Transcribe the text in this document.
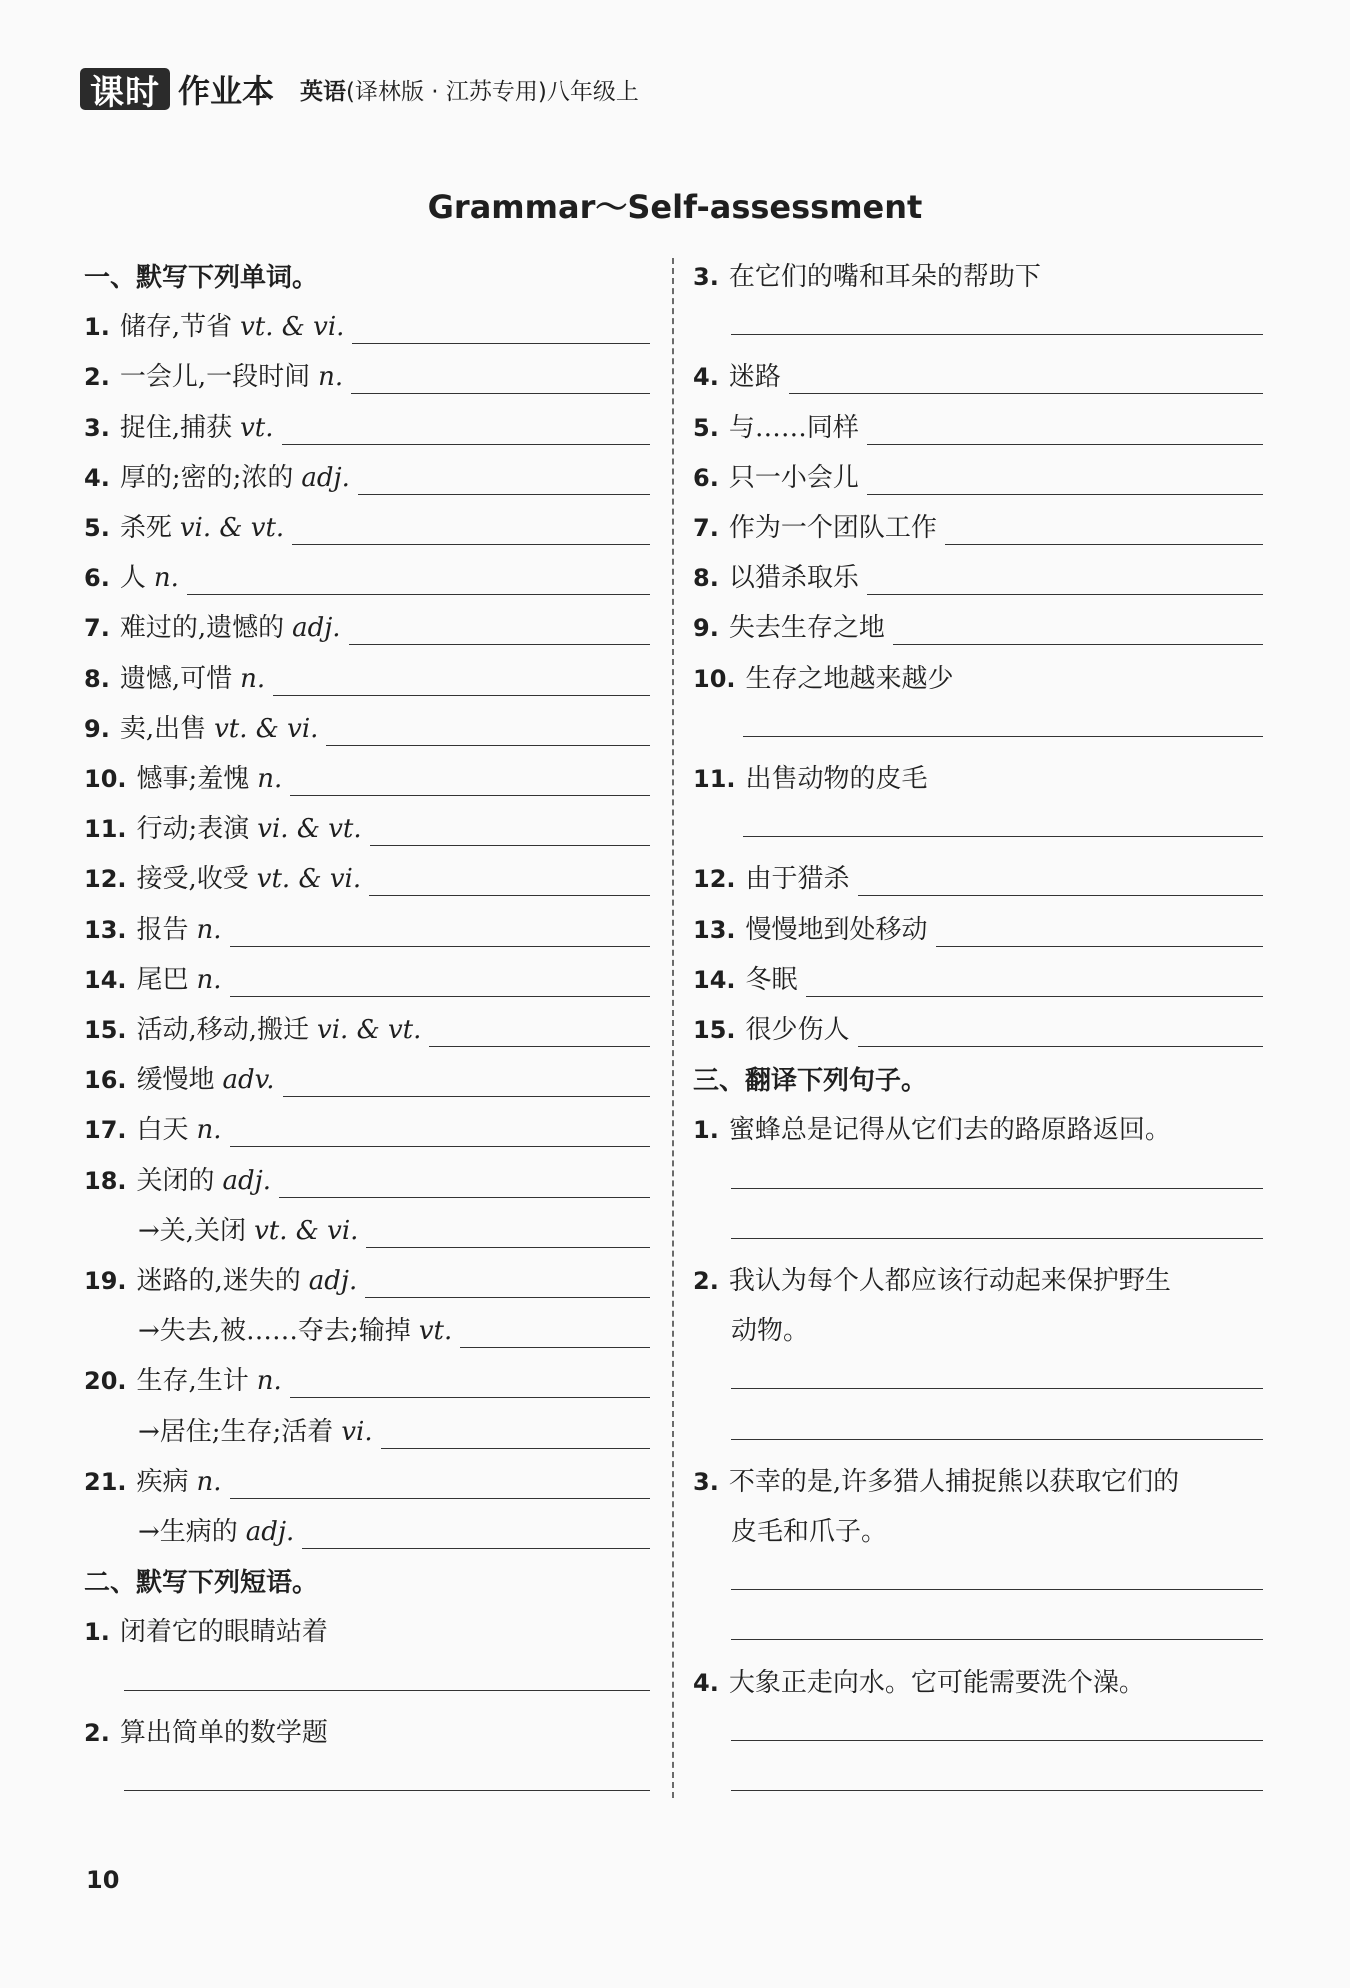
课时 作业本 英语(译林版 · 江苏专用)八年级上
Grammar～Self-assessment
10
一、默写下列单词。
1. 储存,节省 vt. & vi.
2. 一会儿,一段时间 n.
3. 捉住,捕获 vt.
4. 厚的;密的;浓的 adj.
5. 杀死 vi. & vt.
6. 人 n.
7. 难过的,遗憾的 adj.
8. 遗憾,可惜 n.
9. 卖,出售 vt. & vi.
10. 憾事;羞愧 n.
11. 行动;表演 vi. & vt.
12. 接受,收受 vt. & vi.
13. 报告 n.
14. 尾巴 n.
15. 活动,移动,搬迁 vi. & vt.
16. 缓慢地 adv.
17. 白天 n.
18. 关闭的 adj.
→关,关闭 vt. & vi.
19. 迷路的,迷失的 adj.
→失去,被……夺去;输掉 vt.
20. 生存,生计 n.
→居住;生存;活着 vi.
21. 疾病 n.
→生病的 adj.
二、默写下列短语。
1. 闭着它的眼睛站着
2. 算出简单的数学题
3. 在它们的嘴和耳朵的帮助下
4. 迷路
5. 与……同样
6. 只一小会儿
7. 作为一个团队工作
8. 以猎杀取乐
9. 失去生存之地
10. 生存之地越来越少
11. 出售动物的皮毛
12. 由于猎杀
13. 慢慢地到处移动
14. 冬眠
15. 很少伤人
三、翻译下列句子。
1. 蜜蜂总是记得从它们去的路原路返回。
2. 我认为每个人都应该行动起来保护野生
动物。
3. 不幸的是,许多猎人捕捉熊以获取它们的
皮毛和爪子。
4. 大象正走向水。它可能需要洗个澡。
